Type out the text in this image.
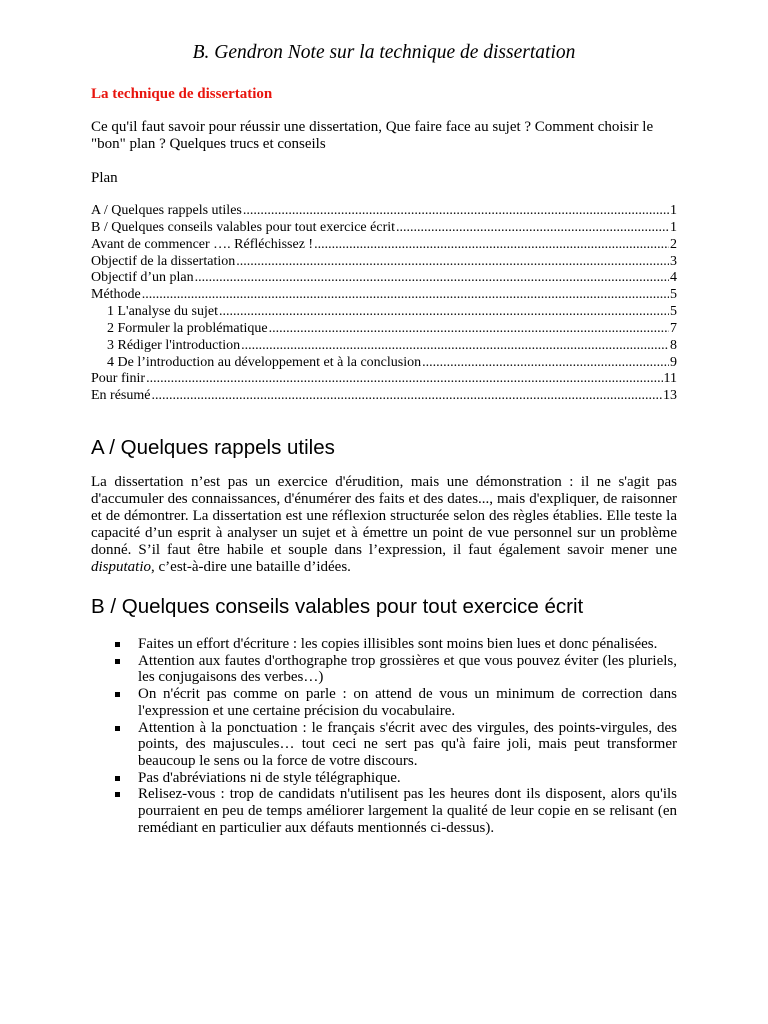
B. Gendron Note sur la technique de dissertation
La technique de dissertation
Ce qu'il faut savoir pour réussir une dissertation, Que faire face au sujet ? Comment choisir le "bon" plan ? Quelques trucs et conseils
Plan
A / Quelques rappels utiles .....	1
B / Quelques conseils valables pour tout exercice écrit .....	1
Avant de commencer …. Réfléchissez ! .....	2
Objectif de la dissertation .....	3
Objectif d’un plan .....	4
Méthode .....	5
1 L'analyse du sujet .....	5
2 Formuler la problématique .....	7
3 Rédiger l'introduction .....	8
4 De l’introduction au développement et à la conclusion .....	9
Pour finir .....	11
En résumé .....	13
A / Quelques rappels utiles

La dissertation n’est pas un exercice d'érudition, mais une démonstration : il ne s'agit pas d'accumuler des connaissances, d'énumérer des faits et des dates..., mais d'expliquer, de raisonner et de démontrer. La dissertation est une réflexion structurée selon des règles établies. Elle teste la capacité d’un esprit à analyser un sujet et à émettre un point de vue personnel sur un problème donné. S’il faut être habile et souple dans l’expression, il faut également savoir mener une disputatio, c’est-à-dire une bataille d’idées.

B / Quelques conseils valables pour tout exercice écrit
Faites un effort d'écriture : les copies illisibles sont moins bien lues et donc pénalisées.
Attention aux fautes d'orthographe trop grossières et que vous pouvez éviter (les pluriels, les conjugaisons des verbes…)
On n'écrit pas comme on parle : on attend de vous un minimum de correction dans l'expression et une certaine précision du vocabulaire.
Attention à la ponctuation : le français s'écrit avec des virgules, des points-virgules, des points, des majuscules… tout ceci ne sert pas qu'à faire joli, mais peut transformer beaucoup le sens ou la force de votre discours.
Pas d'abréviations ni de style télégraphique.
Relisez-vous : trop de candidats n'utilisent pas les heures dont ils disposent, alors qu'ils pourraient en peu de temps améliorer largement la qualité de leur copie en se relisant (en remédiant en particulier aux défauts mentionnés ci-dessus).
